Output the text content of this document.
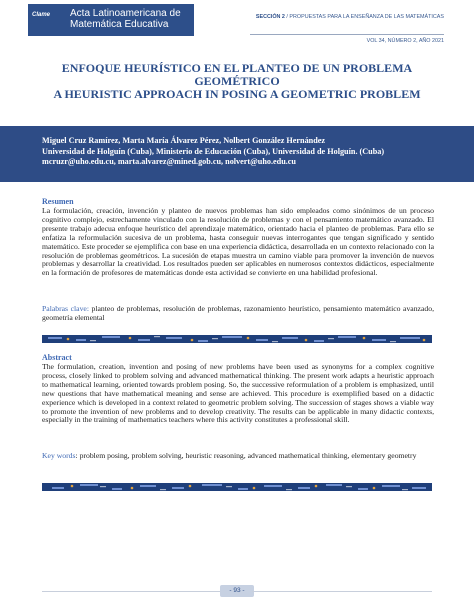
Clame Acta Latinoamericana de
Matemática Educativa
SECCIÓN 2 / PROPUESTAS PARA LA ENSEÑANZA DE LAS MATEMÁTICAS
VOL 34, NÚMERO 2, AÑO 2021
ENFOQUE HEURÍSTICO EN EL PLANTEO DE UN PROBLEMA
GEOMÉTRICO
A HEURISTIC APPROACH IN POSING A GEOMETRIC PROBLEM
Miguel Cruz Ramírez, Marta María Álvarez Pérez, Nolbert González Hernández
Universidad de Holguín (Cuba), Ministerio de Educación (Cuba), Universidad de Holguín. (Cuba)
mcruzr@uho.edu.cu, marta.alvarez@mined.gob.cu, nolvert@uho.edu.cu
Resumen
La formulación, creación, invención y planteo de nuevos problemas han sido empleados como sinónimos de un proceso cognitivo complejo, estrechamente vinculado con la resolución de problemas y con el pensamiento matemático avanzado. El presente trabajo adecua enfoque heurístico del aprendizaje matemático, orientado hacia el planteo de problemas. Para ello se enfatiza la reformulación sucesiva de un problema, hasta conseguir nuevas interrogantes que tengan significado y sentido matemático. Este proceder se ejemplifica con base en una experiencia didáctica, desarrollada en un contexto relacionado con la resolución de problemas geométricos. La sucesión de etapas muestra un camino viable para promover la invención de nuevos problemas y desarrollar la creatividad. Los resultados pueden ser aplicables en numerosos contextos didácticos, especialmente en la formación de profesores de matemáticas donde esta actividad se convierte en una habilidad profesional.
Palabras clave: planteo de problemas, resolución de problemas, razonamiento heurístico, pensamiento matemático avanzado, geometría elemental
Abstract
The formulation, creation, invention and posing of new problems have been used as synonyms for a complex cognitive process, closely linked to problem solving and advanced mathematical thinking. The present work adapts a heuristic approach to mathematical learning, oriented towards problem posing. So, the successive reformulation of a problem is emphasized, until new questions that have mathematical meaning and sense are achieved. This procedure is exemplified based on a didactic experience which is developed in a context related to geometric problem solving. The succession of stages shows a viable way to promote the invention of new problems and to develop creativity. The results can be applicable in many didactic contexts, especially in the training of mathematics teachers where this activity constitutes a professional skill.
Key words: problem posing, problem solving, heuristic reasoning, advanced mathematical thinking, elementary geometry
- 93 -
